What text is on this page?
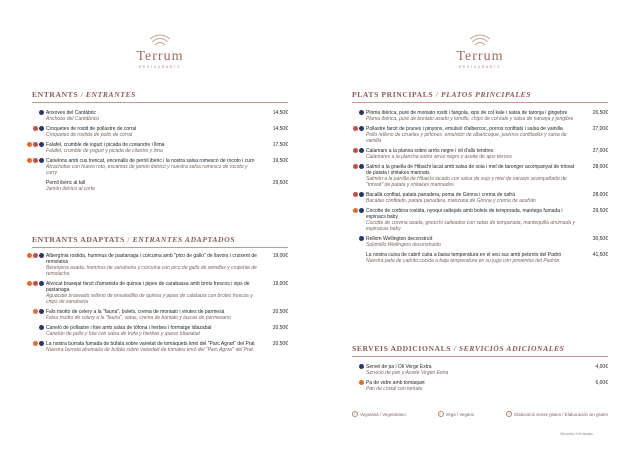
Terrum
RESTAURANTE
ENTRANTS / ENTRANTES
Anxoves del Cantàbric
Anchoas del Cantábrico
14,50€
Croquetes de rostit de pollastre de corral
Croquetas de rostido de pollo de corral
14,50€
Falafel, crumble de iogurt i picada de coriandre i llima
Falafel, crumble de yogurt y picada de cilantro y lima
17,50€
Canelons amb cus trencat, encenalls de pernil ibèric i la nostra salsa romesco de rocoto i curri
Alcachofas con huevo roto, escamas de jamón ibérico y nuestra salsa romesco de rocoto y curry
19,50€
Pernil ibèric al tall
Jamón ibérico al corte
29,50€
ENTRANTS ADAPTATS / ENTRANTES ADAPTADOS
Albergínia rostida, hummus de pastanaga i cúrcuma amb "pico de gallo" de llavors i cruixent de remolatxa
Berenjena asada, hummus de zanahoria y cúrcuma con pico de gallo de semillas y crujiente de remolacha
19,00€
Alvocat brasejat farcit d'amanida de quinoa i pipes de carabassa amb brots frescos i xips de pastanaga
Aguacate braseado relleno de ensaladilla de quinoa y pipas de calabaza con brotes frescos y chips de zanahoria
19,00€
Fals risotto de celery a la "fauna", bolets, crema de moniato i virutes de parmesà
Falso risotto de celery a la "fauna", setas, crema de boniato y lascas de parmesano
20,50€
Caneló de pollastre i foie amb salsa de tòfona i herbes i formatge idiazabal
Canelón de pollo y foie con salsa de trufa y hierbas y queso Idiazabal
20,50€
La nostra burrata fumada de búfala sobre varietat de tomàquets kmó del "Parc Agrari" del Prat
Nuestra burrata ahumada de búfala sobre variedad de tomates kmó del "Parc Agrari" del Prat
20,50€
Terrum
RESTAURANTE
PLATS PRINCIPALS / PLATOS PRINCIPALES
Ploma ibèrica, puré de moniato rostit i farigola, xips de col kale i salsa de taronja i gingebre
Pluma ibérica, puré de boniato asado y tomillo, chips de col kale y salsa de naranja y jengibre
26,50€
Pollastre farcit de prunes i pinyons, emulsió d'albercoc, porros confitats i salsa de vainilla
Pollo relleno de ciruelas y piñones, emulsión de albaricoque, puerros confitados y salsa de vainilla
27,00€
Calamars a la planxa sobre arròs negre i oli d'alls tendres
Calamares a la plancha sobre arroz negro y aceite de ajos tiernos
27,00€
Salmó a la graella de Hibachi lacat amb salsa de soia i mel de taronger acompanyat de trinxat de patata i shitakes marinats
Salmón a la parrilla de Hibachi lacado con salsa de soja y miel de naranjo acompañado de "trinxat" de patata y shitakes marinados
28,00€
Bacallà confitat, patata panadera, poma de Girona i crema de safrà
Bacalao confitado, patata panadera, manzana de Girona y crema de azafrán
28,00€
Cocotte de corbina rostida, nyoqui saltejats amb bolets de temporada, mantega fumada i espinacs baby
Cocotte de corvina asada, gnocchi salteados con setas de temporada, mantequilla ahumada y espinacas baby
29,50€
Rellom Wellington deconstruït
Solomillo Wellington deconstruido
30,50€
La nostra cuixa de cabrit cuita a baixa temperatura en el seu suc amb pebrots del Padró
Nuestra pata de cabrito cocida a baja temperatura en su jugo con pimientos del Padrón
41,50€
SERVEIS ADDICIONALS / SERVICIOS ADICIONALES
Servei de pa i Oli Verge Extra
Servicio de pan y Aceite Virgen Extra
4,00€
Pa de vidre amb tomàquet
Pan de cristal con tomate
6,00€
✓ Vegetarià / Vegetariano	✓ Vegà / Vegano	✓ Elaboració sense gluten / Elaboración sin gluten
IVA inclòs / IVA incluido
